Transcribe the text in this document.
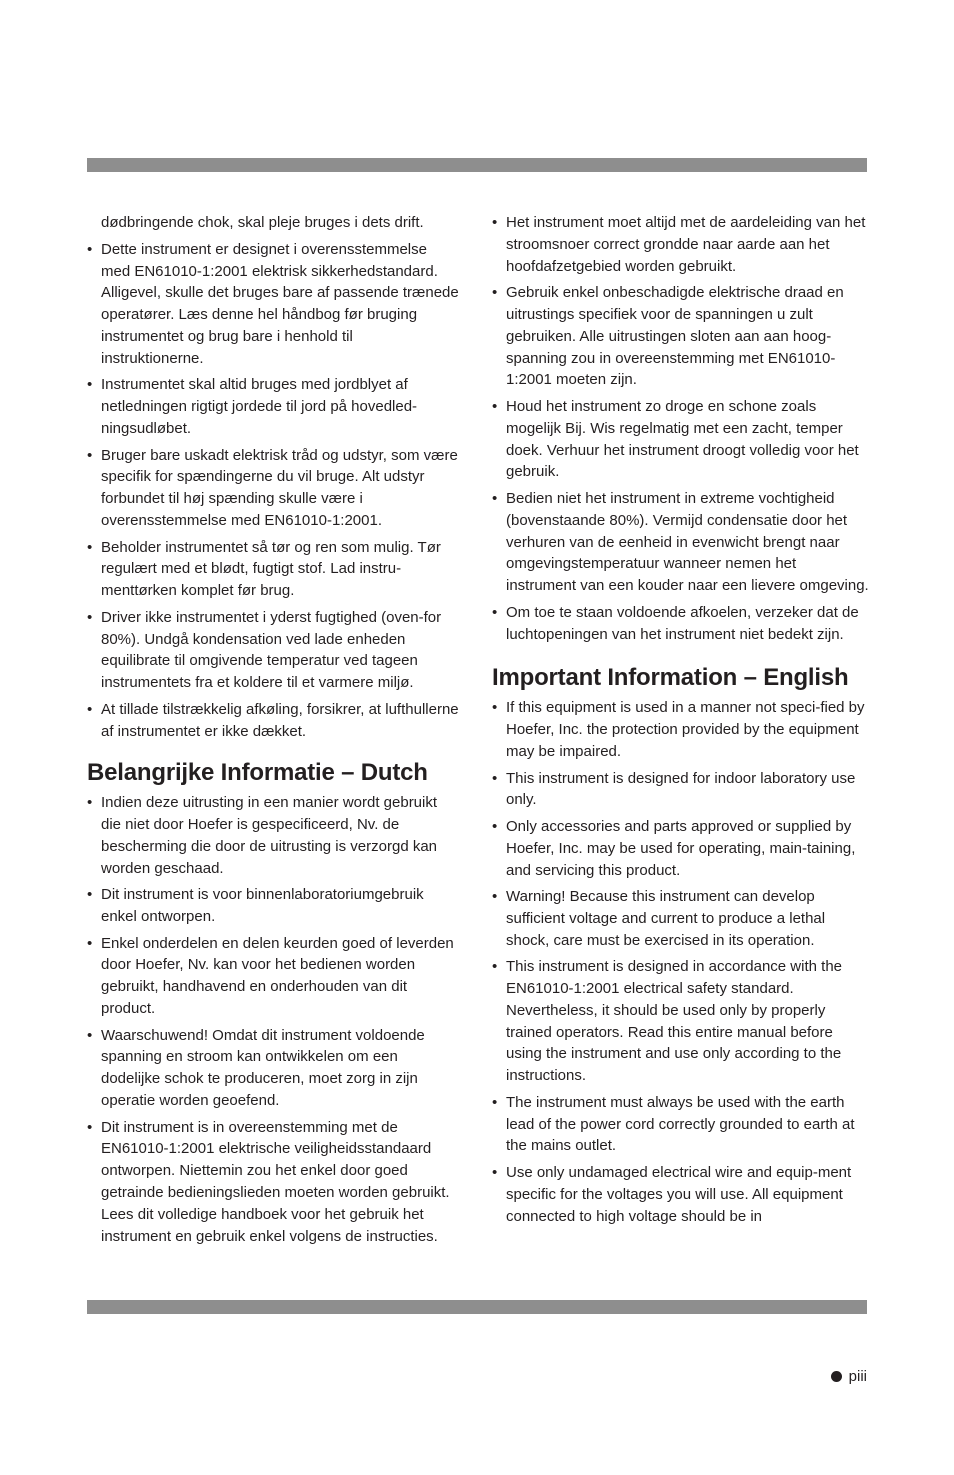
dødbringende chok, skal pleje bruges i dets drift.

• Dette instrument er designet i overensstemmelse med EN61010-1:2001 elektrisk sikkerhedstandard. Alligevel, skulle det bruges bare af passende trænede operatører. Læs denne hel håndbog før bruging instrumentet og brug bare i henhold til instruktionerne.
• Instrumentet skal altid bruges med jordblyet af netledningen rigtigt jordede til jord på hovedled-ningsudløbet.
• Bruger bare uskadt elektrisk tråd og udstyr, som være specifik for spændingerne du vil bruge. Alt udstyr forbundet til høj spænding skulle være i overensstemmelse med EN61010-1:2001.
• Beholder instrumentet så tør og ren som mulig. Tør regulært med et blødt, fugtigt stof. Lad instru-menttørken komplet før brug.
• Driver ikke instrumentet i yderst fugtighed (oven-for 80%). Undgå kondensation ved lade enheden equilibrate til omgivende temperatur ved tageen instrumentets fra et koldere til et varmere miljø.
• At tillade tilstrækkelig afkøling, forsikrer, at lufthullerne af instrumentet er ikke dækket.
Belangrijke Informatie – Dutch
• Indien deze uitrusting in een manier wordt gebruikt die niet door Hoefer is gespecificeerd, Nv. de bescherming die door de uitrusting is verzorgd kan worden geschaad.
• Dit instrument is voor binnenlaboratoriumgebruik enkel ontworpen.
• Enkel onderdelen en delen keurden goed of leverden door Hoefer, Nv. kan voor het bedienen worden gebruikt, handhavend en onderhouden van dit product.
• Waarschuwend! Omdat dit instrument voldoende spanning en stroom kan ontwikkelen om een dodelijke schok te produceren, moet zorg in zijn operatie worden geoefend.
• Dit instrument is in overeenstemming met de EN61010-1:2001 elektrische veiligheidsstandaard ontworpen. Niettemin zou het enkel door goed getrainde bedieningslieden moeten worden gebruikt. Lees dit volledige handboek voor het gebruik het instrument en gebruik enkel volgens de instructies.
• Het instrument moet altijd met de aardeleiding van het stroomsnoer correct grondde naar aarde aan het hoofdafzetgebied worden gebruikt.
• Gebruik enkel onbeschadigde elektrische draad en uitrustings specifiek voor de spanningen u zult gebruiken. Alle uitrustingen sloten aan aan hoog-spanning zou in overeenstemming met EN61010-1:2001 moeten zijn.
• Houd het instrument zo droge en schone zoals mogelijk Bij. Wis regelmatig met een zacht, temper doek. Verhuur het instrument droogt volledig voor het gebruik.
• Bedien niet het instrument in extreme vochtigheid (bovenstaande 80%). Vermijd condensatie door het verhuren van de eenheid in evenwicht brengt naar omgevingstemperatuur wanneer nemen het instrument van een kouder naar een lievere omgeving.
• Om toe te staan voldoende afkoelen, verzeker dat de luchtopeningen van het instrument niet bedekt zijn.
Important Information – English
• If this equipment is used in a manner not speci-fied by Hoefer, Inc. the protection provided by the equipment may be impaired.
• This instrument is designed for indoor laboratory use only.
• Only accessories and parts approved or supplied by Hoefer, Inc. may be used for operating, main-taining, and servicing this product.
• Warning! Because this instrument can develop sufficient voltage and current to produce a lethal shock, care must be exercised in its operation.
• This instrument is designed in accordance with the EN61010-1:2001 electrical safety standard. Nevertheless, it should be used only by properly trained operators. Read this entire manual before using the instrument and use only according to the instructions.
• The instrument must always be used with the earth lead of the power cord correctly grounded to earth at the mains outlet.
• Use only undamaged electrical wire and equip-ment specific for the voltages you will use. All equipment connected to high voltage should be in
piii
